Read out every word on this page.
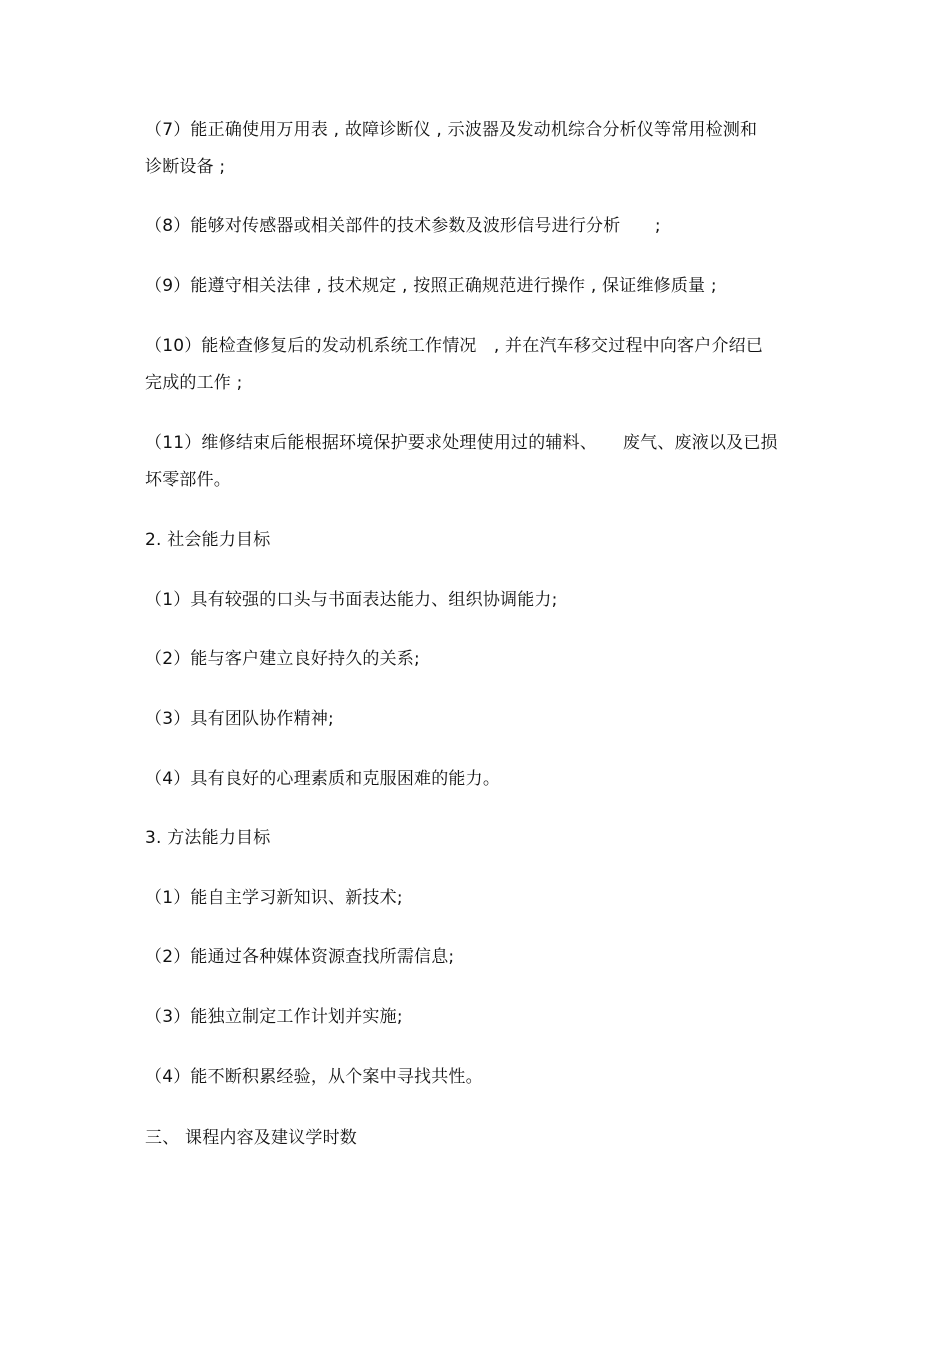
（7）能正确使用万用表 , 故障诊断仪 , 示波器及发动机综合分析仪等常用检测和
诊断设备 ;
（8）能够对传感器或相关部件的技术参数及波形信号进行分析　　;
（9）能遵守相关法律 , 技术规定 , 按照正确规范进行操作 , 保证维修质量 ;
（10）能检查修复后的发动机系统工作情况　, 并在汽车移交过程中向客户介绍已
完成的工作 ;
（11）维修结束后能根据环境保护要求处理使用过的辅料、　　废气、废液以及已损
坏零部件。
2. 社会能力目标
（1）具有较强的口头与书面表达能力、组织协调能力;
（2）能与客户建立良好持久的关系;
（3）具有团队协作精神;
（4）具有良好的心理素质和克服困难的能力。
3. 方法能力目标
（1）能自主学习新知识、新技术;
（2）能通过各种媒体资源查找所需信息;
（3）能独立制定工作计划并实施;
（4）能不断积累经验，从个案中寻找共性。
三、 课程内容及建议学时数
